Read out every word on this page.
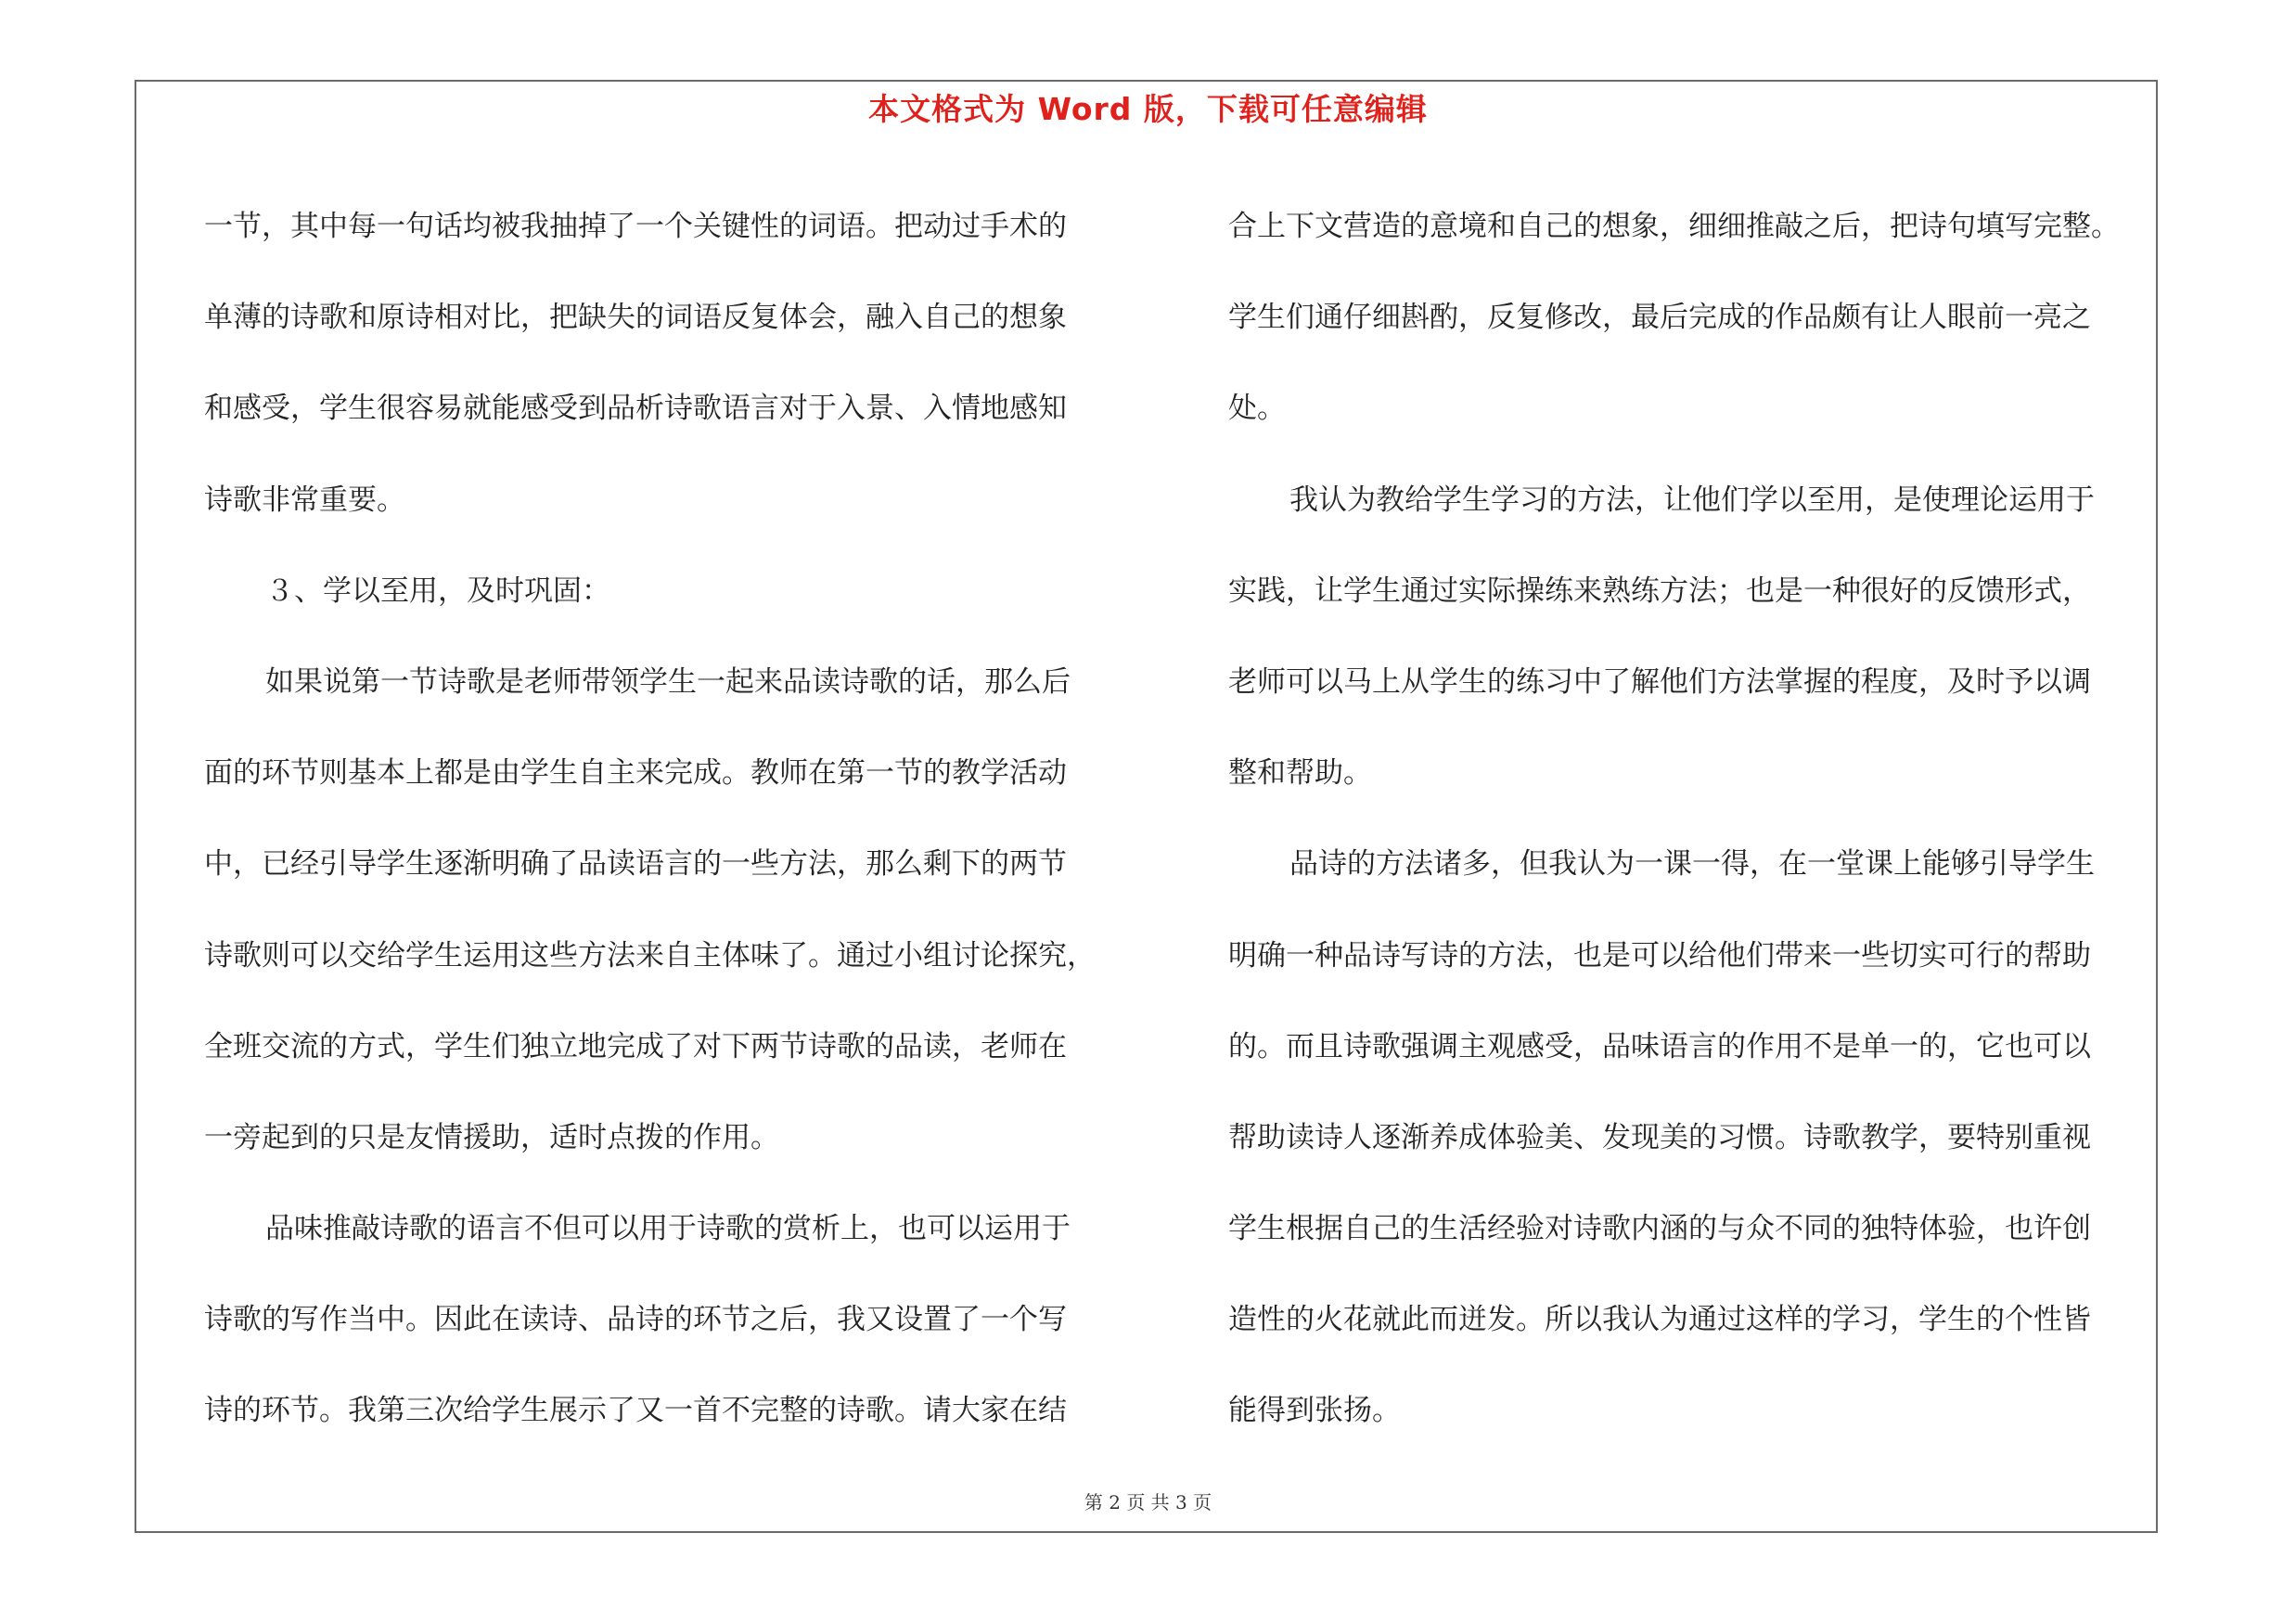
本文格式为 Word 版，下载可任意编辑
一节，其中每一句话均被我抽掉了一个关键性的词语。把动过手术的
单薄的诗歌和原诗相对比，把缺失的词语反复体会，融入自己的想象
和感受，学生很容易就能感受到品析诗歌语言对于入景、入情地感知
诗歌非常重要。
３、学以至用，及时巩固：
如果说第一节诗歌是老师带领学生一起来品读诗歌的话，那么后
面的环节则基本上都是由学生自主来完成。教师在第一节的教学活动
中，已经引导学生逐渐明确了品读语言的一些方法，那么剩下的两节
诗歌则可以交给学生运用这些方法来自主体味了。通过小组讨论探究，
全班交流的方式，学生们独立地完成了对下两节诗歌的品读，老师在
一旁起到的只是友情援助，适时点拨的作用。
品味推敲诗歌的语言不但可以用于诗歌的赏析上，也可以运用于
诗歌的写作当中。因此在读诗、品诗的环节之后，我又设置了一个写
诗的环节。我第三次给学生展示了又一首不完整的诗歌。请大家在结
合上下文营造的意境和自己的想象，细细推敲之后，把诗句填写完整。
学生们通仔细斟酌，反复修改，最后完成的作品颇有让人眼前一亮之
处。
我认为教给学生学习的方法，让他们学以至用，是使理论运用于
实践，让学生通过实际操练来熟练方法；也是一种很好的反馈形式，
老师可以马上从学生的练习中了解他们方法掌握的程度，及时予以调
整和帮助。
品诗的方法诸多，但我认为一课一得，在一堂课上能够引导学生
明确一种品诗写诗的方法，也是可以给他们带来一些切实可行的帮助
的。而且诗歌强调主观感受，品味语言的作用不是单一的，它也可以
帮助读诗人逐渐养成体验美、发现美的习惯。诗歌教学，要特别重视
学生根据自己的生活经验对诗歌内涵的与众不同的独特体验，也许创
造性的火花就此而迸发。所以我认为通过这样的学习，学生的个性皆
能得到张扬。
第 2 页 共 3 页
